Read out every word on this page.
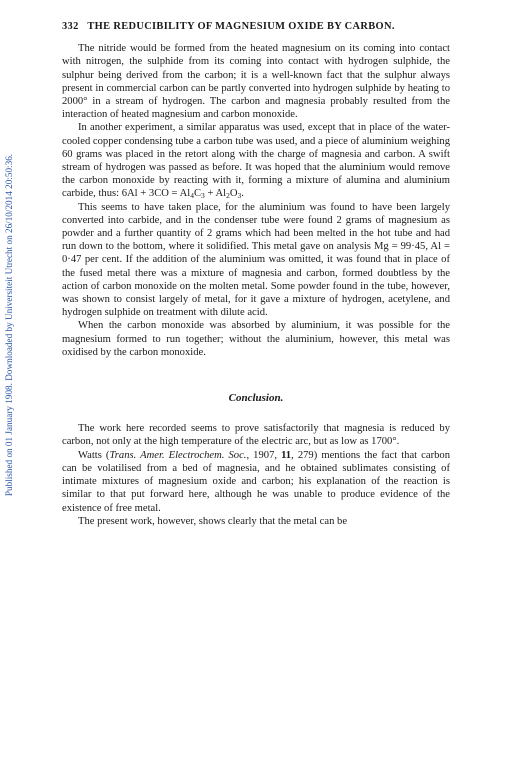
Published on 01 January 1908. Downloaded by Universiteit Utrecht on 26/10/2014 20:50:36.
332 THE REDUCIBILITY OF MAGNESIUM OXIDE BY CARBON.

The nitride would be formed from the heated magnesium on its coming into contact with nitrogen, the sulphide from its coming into contact with hydrogen sulphide, the sulphur being derived from the carbon; it is a well-known fact that the sulphur always present in commercial carbon can be partly converted into hydrogen sulphide by heating to 2000° in a stream of hydrogen. The carbon and magnesia probably resulted from the interaction of heated magnesium and carbon monoxide.

In another experiment, a similar apparatus was used, except that in place of the water-cooled copper condensing tube a carbon tube was used, and a piece of aluminium weighing 60 grams was placed in the retort along with the charge of magnesia and carbon. A swift stream of hydrogen was passed as before. It was hoped that the aluminium would remove the carbon monoxide by reacting with it, forming a mixture of alumina and aluminium carbide, thus: $6Al + 3CO = Al_4C_3 + Al_2O_3$.

This seems to have taken place, for the aluminium was found to have been largely converted into carbide, and in the condenser tube were found 2 grams of magnesium as powder and a further quantity of 2 grams which had been melted in the hot tube and had run down to the bottom, where it solidified. This metal gave on analysis Mg = 99·45, Al = 0·47 per cent. If the addition of the aluminium was omitted, it was found that in place of the fused metal there was a mixture of magnesia and carbon, formed doubtless by the action of carbon monoxide on the molten metal. Some powder found in the tube, however, was shown to consist largely of metal, for it gave a mixture of hydrogen, acetylene, and hydrogen sulphide on treatment with dilute acid.

When the carbon monoxide was absorbed by aluminium, it was possible for the magnesium formed to run together; without the aluminium, however, this metal was oxidised by the carbon monoxide.

Conclusion.

The work here recorded seems to prove satisfactorily that magnesia is reduced by carbon, not only at the high temperature of the electric arc, but as low as 1700°.

Watts (Trans. Amer. Electrochem. Soc., 1907, 11, 279) mentions the fact that carbon can be volatilised from a bed of magnesia, and he obtained sublimates consisting of intimate mixtures of magnesium oxide and carbon; his explanation of the reaction is similar to that put forward here, although he was unable to produce evidence of the existence of free metal.

The present work, however, shows clearly that the metal can be
